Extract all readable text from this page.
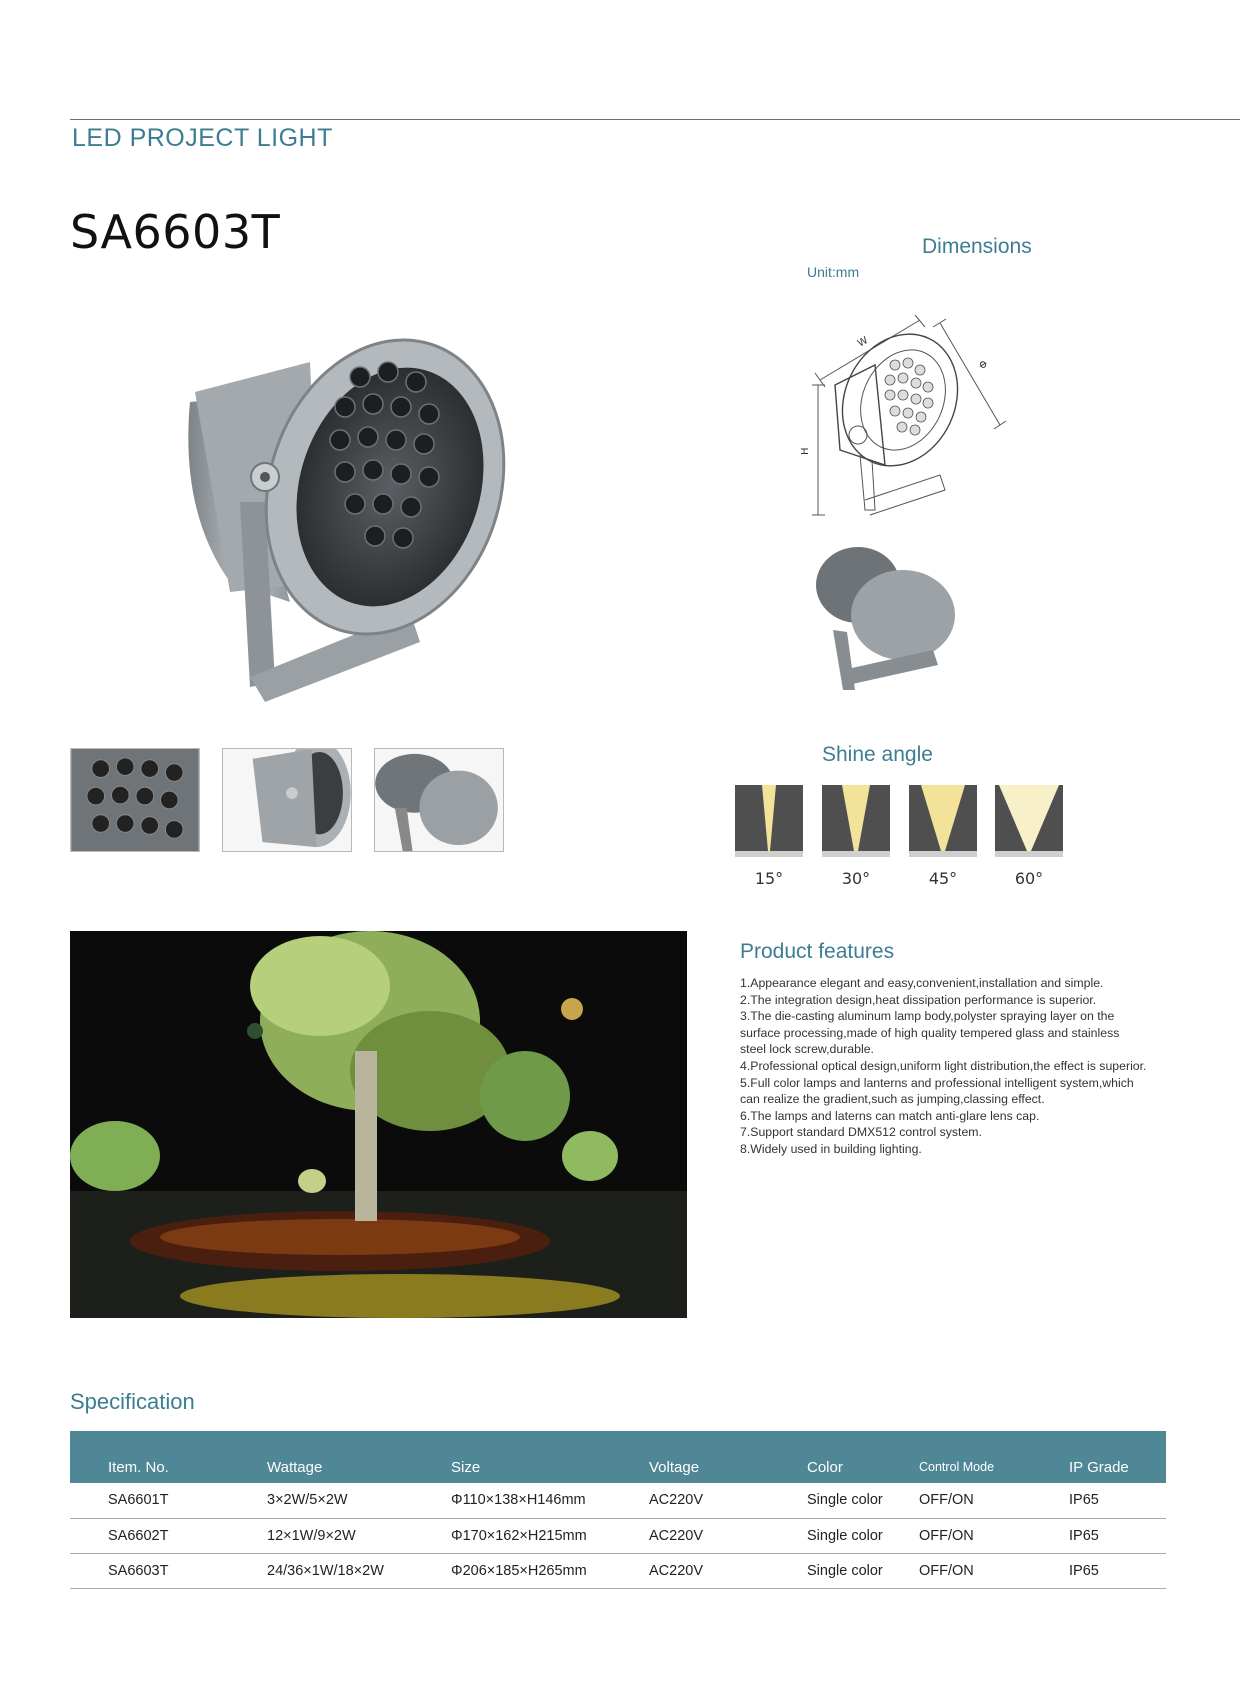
LED PROJECT LIGHT
SA6603T	Dimensions
Unit:mm
W
Φ
H
Shine angle
15°	30°	45°	60°
Product features
1.Appearance elegant and easy,convenient,installation and simple.
2.The integration design,heat dissipation performance is superior.
3.The die-casting aluminum lamp body,polyster spraying layer on the
surface processing,made of high quality tempered glass and stainless
steel lock screw,durable.
4.Professional optical design,uniform light distribution,the effect is superior.
5.Full color lamps and lanterns and professional intelligent system,which
can realize the gradient,such as jumping,classing effect.
6.The lamps and laterns can match anti-glare lens cap.
7.Support standard DMX512 control system.
8.Widely used in building lighting.
Specification
Item. No.	Wattage	Size	Voltage	Color	Control Mode	IP Grade
SA6601T	3×2W/5×2W	Φ110×138×H146mm	AC220V	Single color	OFF/ON	IP65
SA6602T	12×1W/9×2W	Φ170×162×H215mm	AC220V	Single color	OFF/ON	IP65
SA6603T	24/36×1W/18×2W	Φ206×185×H265mm	AC220V	Single color	OFF/ON	IP65
